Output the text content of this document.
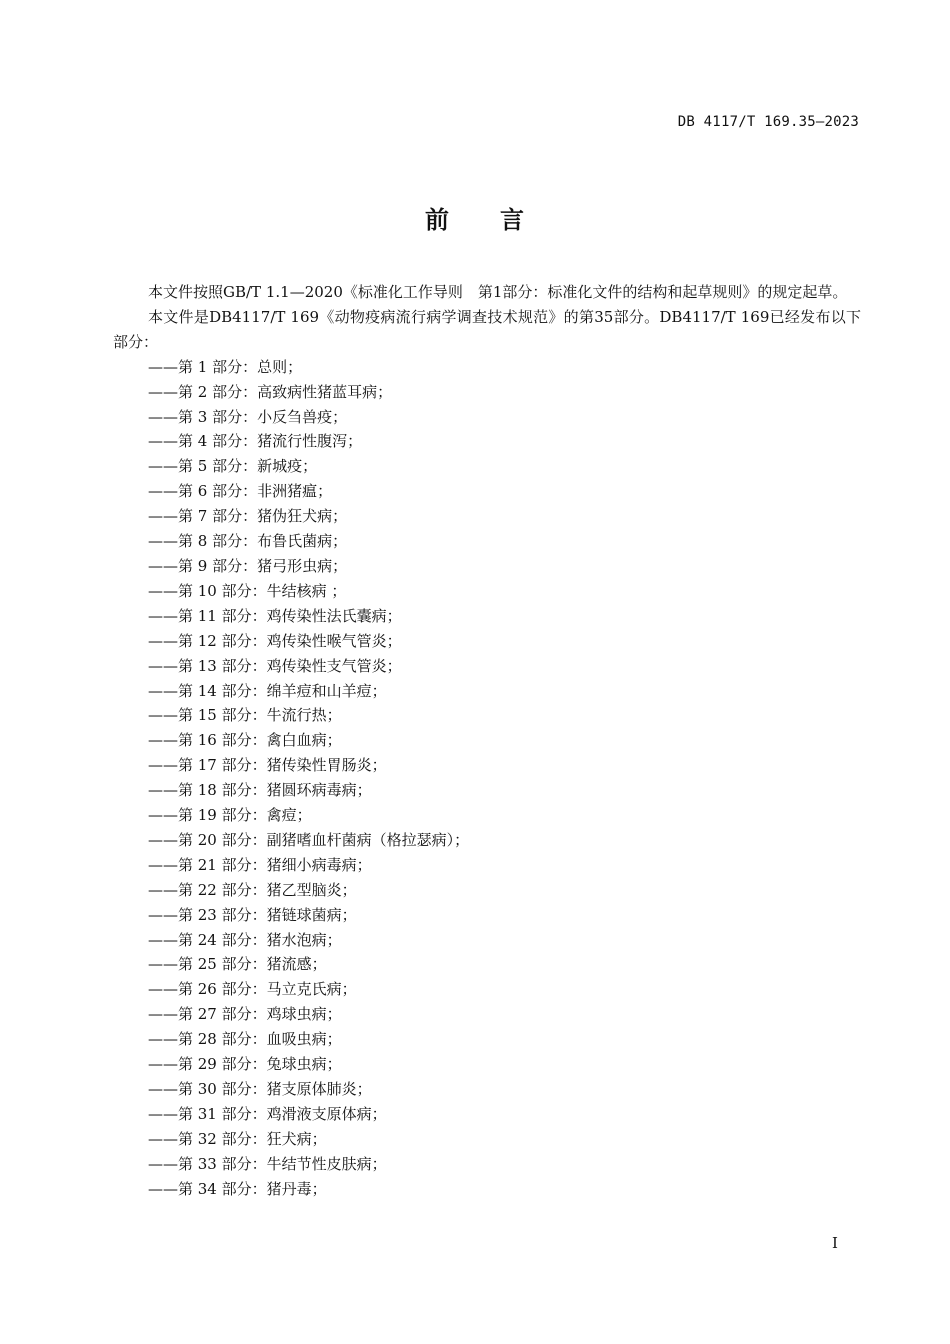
DB 4117/T 169.35—2023
前　　言

本文件按照GB/T 1.1—2020《标准化工作导则　第1部分：标准化文件的结构和起草规则》的规定起草。

本文件是DB4117/T 169《动物疫病流行病学调查技术规范》的第35部分。DB4117/T 169已经发布以下部分：

——第 1 部分：总则；
——第 2 部分：高致病性猪蓝耳病；
——第 3 部分：小反刍兽疫；
——第 4 部分：猪流行性腹泻；
——第 5 部分：新城疫；
——第 6 部分：非洲猪瘟；
——第 7 部分：猪伪狂犬病；
——第 8 部分：布鲁氏菌病；
——第 9 部分：猪弓形虫病；
——第 10 部分：牛结核病 ；
——第 11 部分：鸡传染性法氏囊病；
——第 12 部分：鸡传染性喉气管炎；
——第 13 部分：鸡传染性支气管炎；
——第 14 部分：绵羊痘和山羊痘；
——第 15 部分：牛流行热；
——第 16 部分：禽白血病；
——第 17 部分：猪传染性胃肠炎；
——第 18 部分：猪圆环病毒病；
——第 19 部分：禽痘；
——第 20 部分：副猪嗜血杆菌病（格拉瑟病）；
——第 21 部分：猪细小病毒病；
——第 22 部分：猪乙型脑炎；
——第 23 部分：猪链球菌病；
——第 24 部分：猪水泡病；
——第 25 部分：猪流感；
——第 26 部分：马立克氏病；
——第 27 部分：鸡球虫病；
——第 28 部分：血吸虫病；
——第 29 部分：兔球虫病；
——第 30 部分：猪支原体肺炎；
——第 31 部分：鸡滑液支原体病；
——第 32 部分：狂犬病；
——第 33 部分：牛结节性皮肤病；
——第 34 部分：猪丹毒；
I
